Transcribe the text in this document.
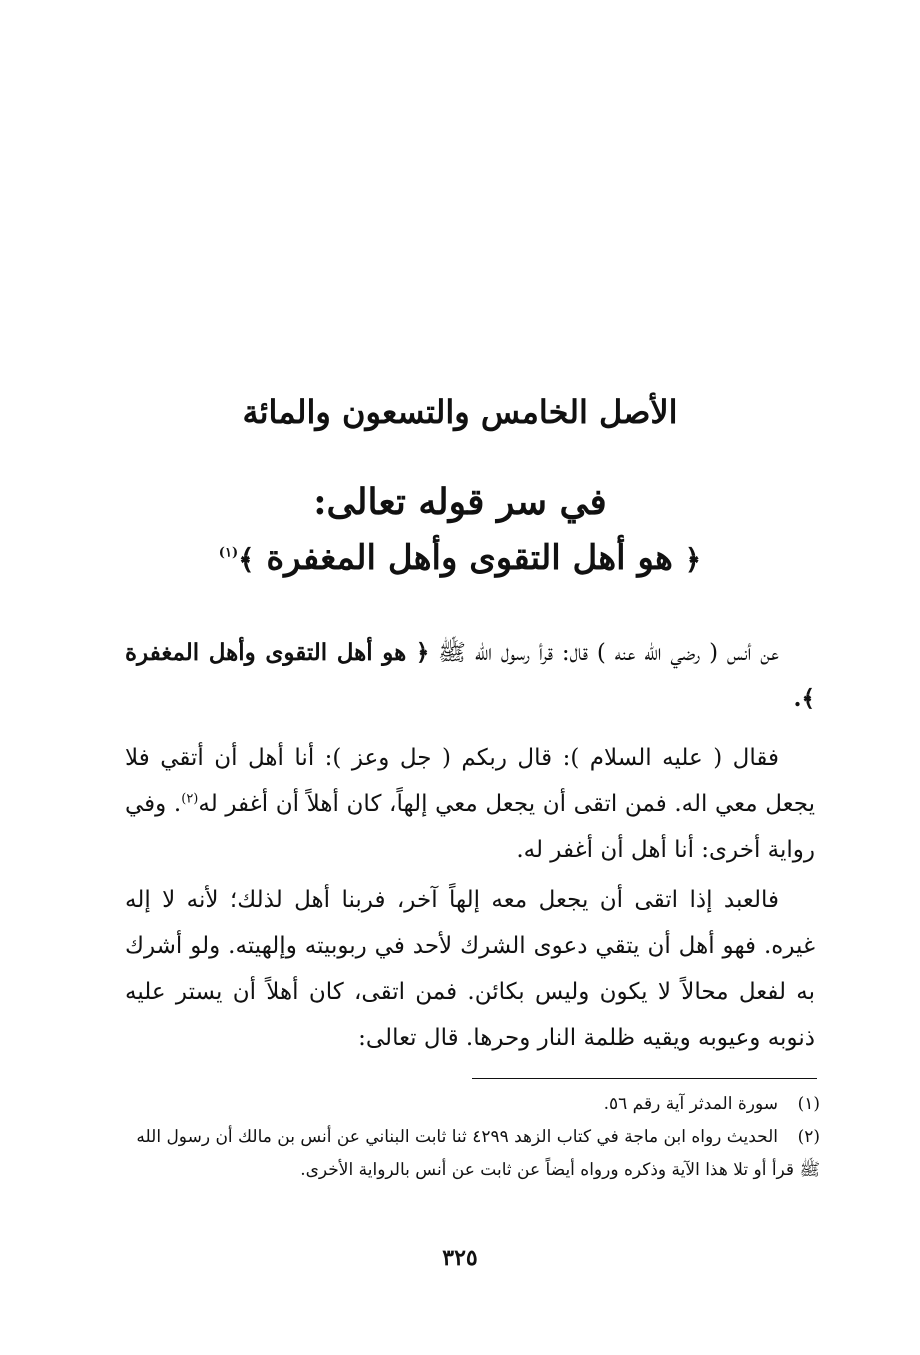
الأصل الخامس والتسعون والمائة
في سر قوله تعالى:
﴿ هو أهل التقوى وأهل المغفرة ﴾$^{(١)}$
عن أنس ( رضي الله عنه ) قال: قرأ رسول الله ﷺ ﴿ هو أهل التقوى وأهل المغفرة ﴾.
فقال ( عليه السلام ): قال ربكم ( جل وعز ): أنا أهل أن أتقي فلا يجعل معي اله. فمن اتقى أن يجعل معي إلهاً، كان أهلاً أن أغفر له$^{(٢)}$. وفي رواية أخرى: أنا أهل أن أغفر له.
فالعبد إذا اتقى أن يجعل معه إلهاً آخر، فربنا أهل لذلك؛ لأنه لا إله غيره. فهو أهل أن يتقي دعوى الشرك لأحد في ربوبيته وإلهيته. ولو أشرك به لفعل محالاً لا يكون وليس بكائن. فمن اتقى، كان أهلاً أن يستر عليه ذنوبه وعيوبه ويقيه ظلمة النار وحرها. قال تعالى:
(١)سورة المدثر آية رقم ٥٦.
(٢)الحديث رواه ابن ماجة في كتاب الزهد ٤٢٩٩ ثنا ثابت البناني عن أنس بن مالك أن رسول الله ﷺ قرأ أو تلا هذا الآية وذكره ورواه أيضاً عن ثابت عن أنس بالرواية الأخرى.
٣٢٥
